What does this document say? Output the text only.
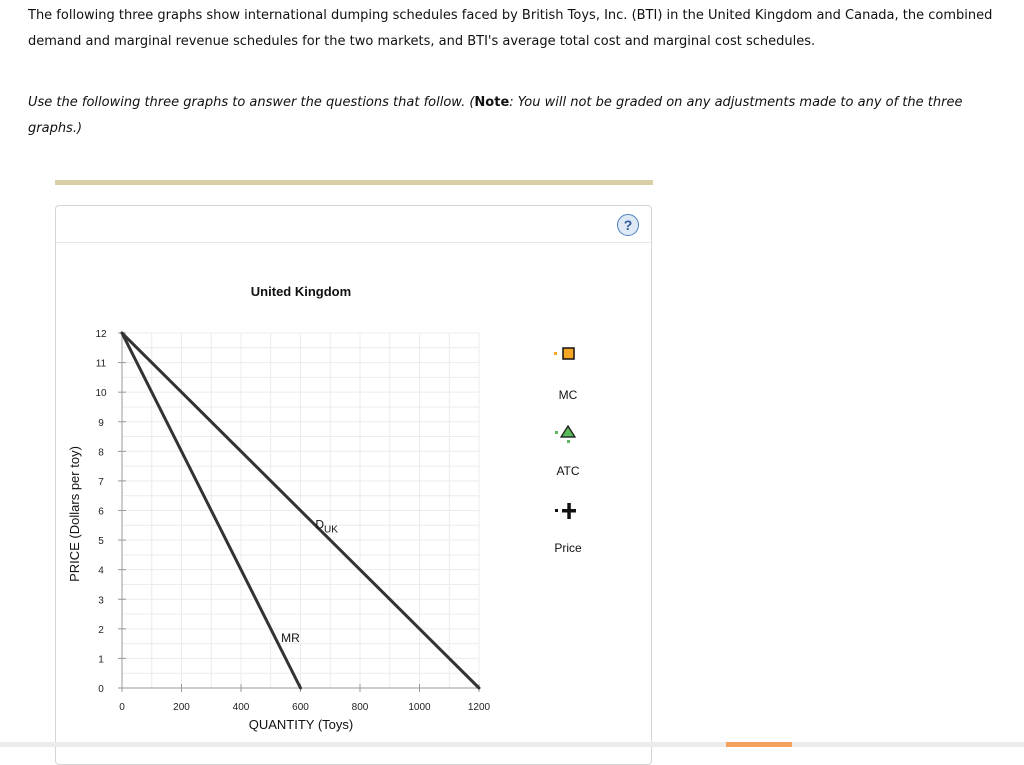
The following three graphs show international dumping schedules faced by British Toys, Inc. (BTI) in the United Kingdom and Canada, the combined demand and marginal revenue schedules for the two markets, and BTI's average total cost and marginal cost schedules.

Use the following three graphs to answer the questions that follow. (Note: You will not be graded on any adjustments made to any of the three graphs.)

?
United Kingdom
0
1
2
3
4
5
6
7
8
9
10
11
12
0	200	400	600	800	1000	1200
$D_{UK}$
MR
QUANTITY (Toys)
PRICE (Dollars per toy)
MC
ATC
Price
